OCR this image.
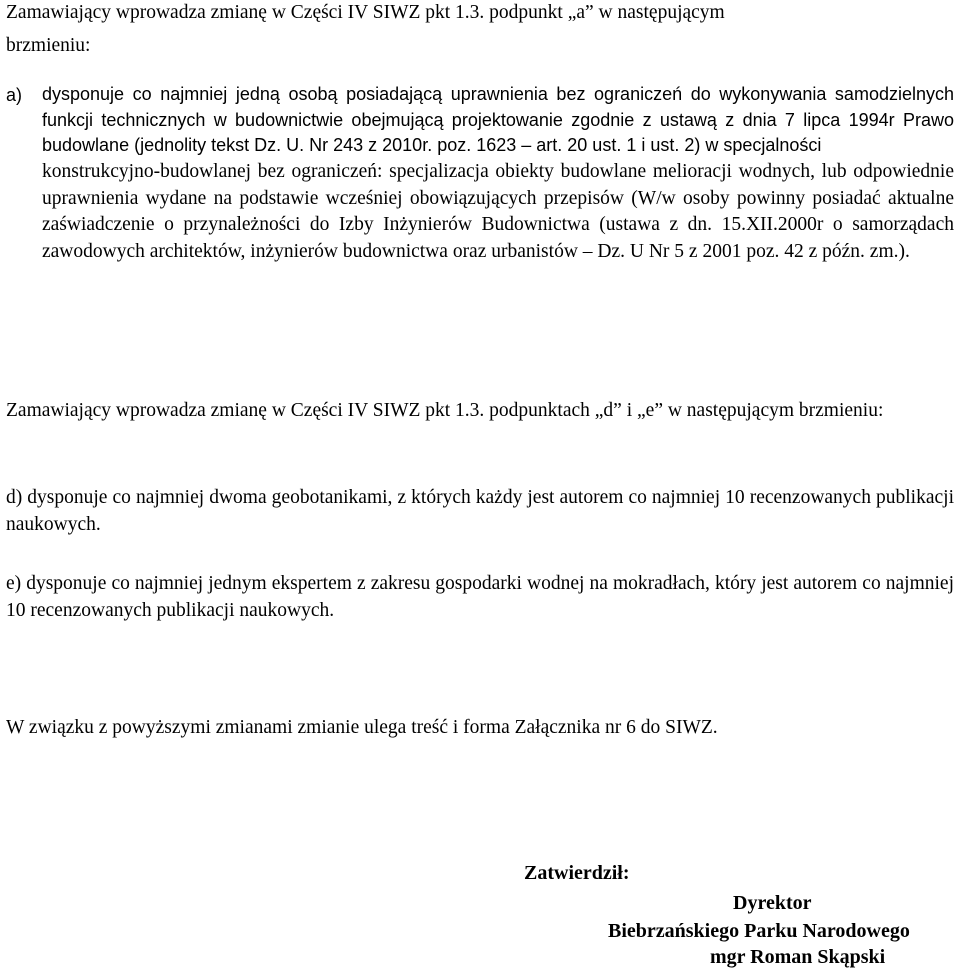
Zamawiający wprowadza zmianę w Części IV SIWZ pkt 1.3. podpunkt „a” w następującym

brzmieniu:

a) dysponuje co najmniej jedną osobą posiadającą uprawnienia bez ograniczeń do wykonywania samodzielnych funkcji technicznych w budownictwie obejmującą projektowanie zgodnie z ustawą z dnia 7 lipca 1994r Prawo budowlane (jednolity tekst Dz. U. Nr 243 z 2010r. poz. 1623 – art. 20 ust. 1 i ust. 2) w specjalności

konstrukcyjno-budowlanej bez ograniczeń: specjalizacja obiekty budowlane melioracji wodnych, lub odpowiednie uprawnienia wydane na podstawie wcześniej obowiązujących przepisów (W/w osoby powinny posiadać aktualne zaświadczenie o przynależności do Izby Inżynierów Budownictwa (ustawa z dn. 15.XII.2000r o samorządach zawodowych architektów, inżynierów budownictwa oraz urbanistów – Dz. U Nr 5 z 2001 poz. 42 z późn. zm.).

Zamawiający wprowadza zmianę w Części IV SIWZ pkt 1.3. podpunktach „d” i „e” w następującym brzmieniu:

d) dysponuje co najmniej dwoma geobotanikami, z których każdy jest autorem co najmniej 10 recenzowanych publikacji naukowych.

e) dysponuje co najmniej jednym ekspertem z zakresu gospodarki wodnej na mokradłach, który jest autorem co najmniej 10 recenzowanych publikacji naukowych.

W związku z powyższymi zmianami zmianie ulega treść i forma Załącznika nr 6 do SIWZ.

Zatwierdził:

Dyrektor

Biebrzańskiego Parku Narodowego

mgr Roman Skąpski
